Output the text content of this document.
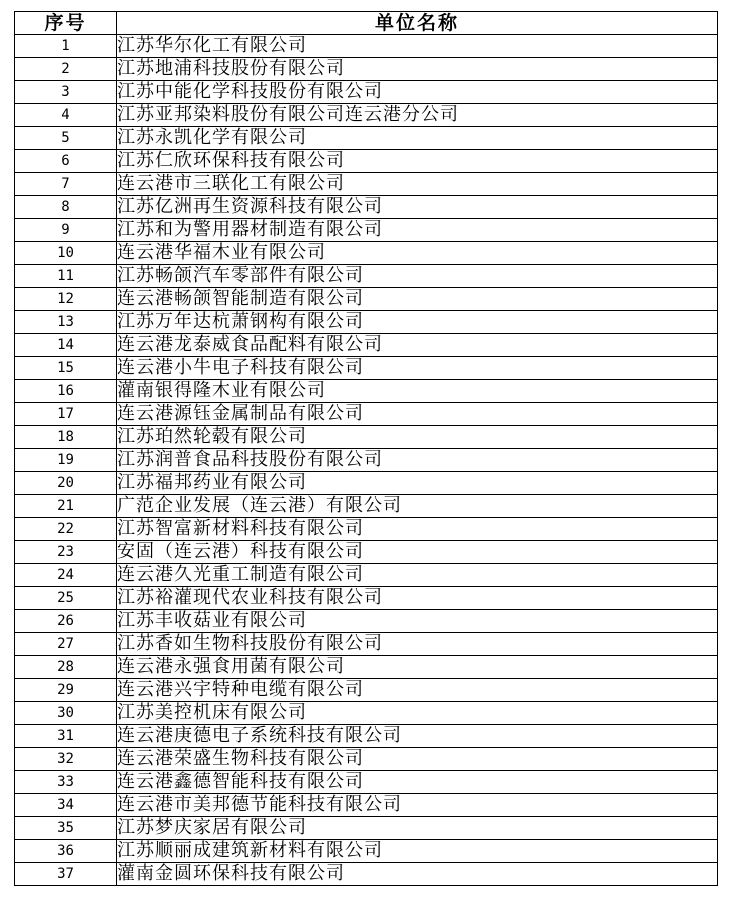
序号	单位名称
1	江苏华尔化工有限公司
2	江苏地浦科技股份有限公司
3	江苏中能化学科技股份有限公司
4	江苏亚邦染料股份有限公司连云港分公司
5	江苏永凯化学有限公司
6	江苏仁欣环保科技有限公司
7	连云港市三联化工有限公司
8	江苏亿洲再生资源科技有限公司
9	江苏和为警用器材制造有限公司
10	连云港华福木业有限公司
11	江苏畅颌汽车零部件有限公司
12	连云港畅颌智能制造有限公司
13	江苏万年达杭萧钢构有限公司
14	连云港龙泰威食品配料有限公司
15	连云港小牛电子科技有限公司
16	灌南银得隆木业有限公司
17	连云港源钰金属制品有限公司
18	江苏珀然轮毂有限公司
19	江苏润普食品科技股份有限公司
20	江苏福邦药业有限公司
21	广范企业发展（连云港）有限公司
22	江苏智富新材料科技有限公司
23	安固（连云港）科技有限公司
24	连云港久光重工制造有限公司
25	江苏裕灌现代农业科技有限公司
26	江苏丰收菇业有限公司
27	江苏香如生物科技股份有限公司
28	连云港永强食用菌有限公司
29	连云港兴宇特种电缆有限公司
30	江苏美控机床有限公司
31	连云港庚德电子系统科技有限公司
32	连云港荣盛生物科技有限公司
33	连云港鑫德智能科技有限公司
34	连云港市美邦德节能科技有限公司
35	江苏梦庆家居有限公司
36	江苏顺丽成建筑新材料有限公司
37	灌南金圆环保科技有限公司
